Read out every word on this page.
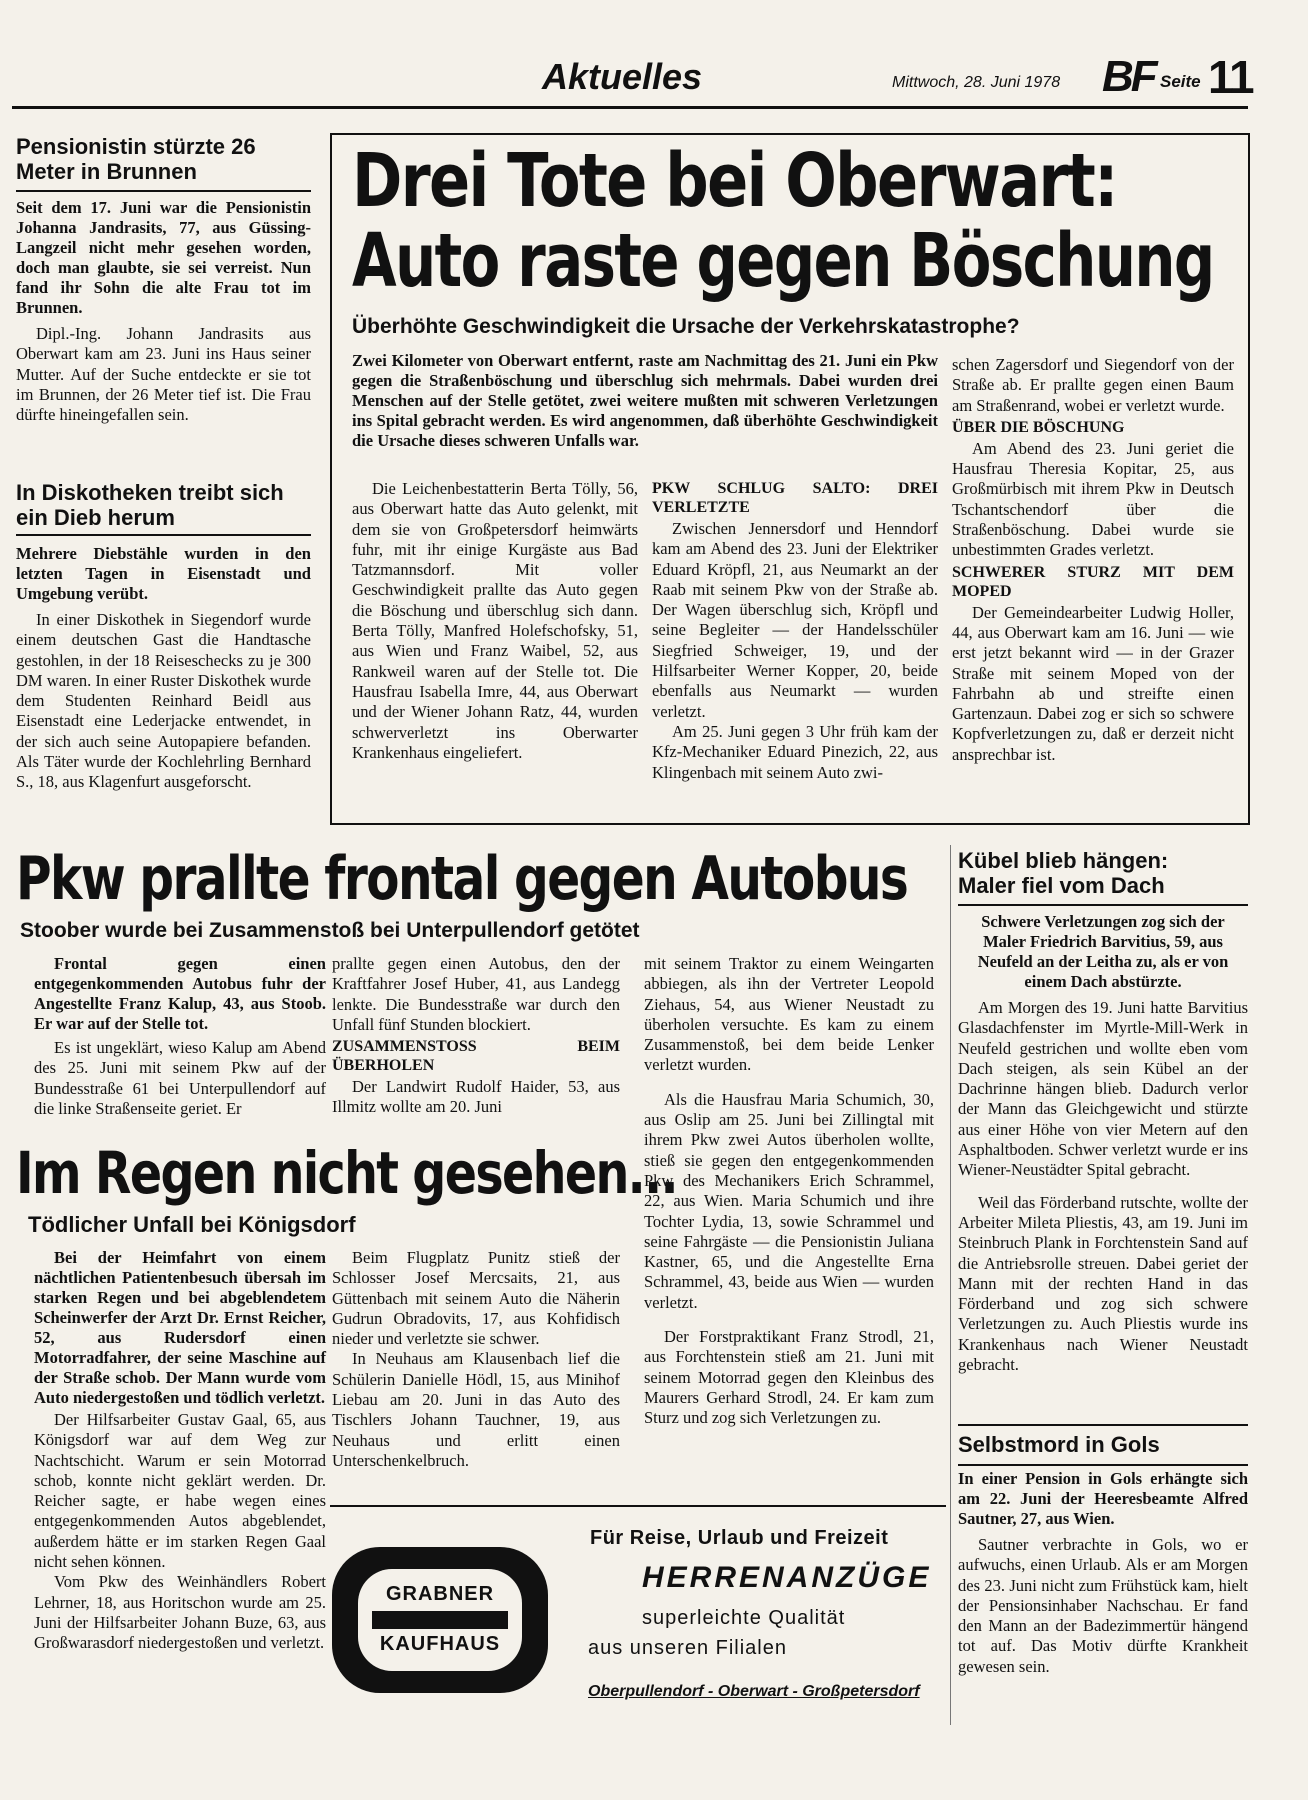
Aktuelles	Mittwoch, 28. Juni 1978 BF Seite 11
Pensionistin stürzte 26 Meter in Brunnen

Seit dem 17. Juni war die Pensionistin Johanna Jandrasits, 77, aus Güssing-Langzeil nicht mehr gesehen worden, doch man glaubte, sie sei verreist. Nun fand ihr Sohn die alte Frau tot im Brunnen.

Dipl.-Ing. Johann Jandrasits aus Oberwart kam am 23. Juni ins Haus seiner Mutter. Auf der Suche entdeckte er sie tot im Brunnen, der 26 Meter tief ist. Die Frau dürfte hineingefallen sein.

In Diskotheken treibt sich ein Dieb herum

Mehrere Diebstähle wurden in den letzten Tagen in Eisenstadt und Umgebung verübt.

In einer Diskothek in Siegendorf wurde einem deutschen Gast die Handtasche gestohlen, in der 18 Reiseschecks zu je 300 DM waren. In einer Ruster Diskothek wurde dem Studenten Reinhard Beidl aus Eisenstadt eine Lederjacke entwendet, in der sich auch seine Autopapiere befanden. Als Täter wurde der Kochlehrling Bernhard S., 18, aus Klagenfurt ausgeforscht.

Drei Tote bei Oberwart:
Auto raste gegen Böschung
Überhöhte Geschwindigkeit die Ursache der Verkehrskatastrophe?

Zwei Kilometer von Oberwart entfernt, raste am Nachmittag des 21. Juni ein Pkw gegen die Straßenböschung und überschlug sich mehrmals. Dabei wurden drei Menschen auf der Stelle getötet, zwei weitere mußten mit schweren Verletzungen ins Spital gebracht werden. Es wird angenommen, daß überhöhte Geschwindigkeit die Ursache dieses schweren Unfalls war.

Die Leichenbestatterin Berta Tölly, 56, aus Oberwart hatte das Auto gelenkt, mit dem sie von Großpetersdorf heimwärts fuhr, mit ihr einige Kurgäste aus Bad Tatzmannsdorf. Mit voller Geschwindigkeit prallte das Auto gegen die Böschung und überschlug sich dann. Berta Tölly, Manfred Holefschofsky, 51, aus Wien und Franz Waibel, 52, aus Rankweil waren auf der Stelle tot. Die Hausfrau Isabella Imre, 44, aus Oberwart und der Wiener Johann Ratz, 44, wurden schwerverletzt ins Oberwarter Krankenhaus eingeliefert.

PKW SCHLUG SALTO: DREI VERLETZTE

Zwischen Jennersdorf und Henndorf kam am Abend des 23. Juni der Elektriker Eduard Kröpfl, 21, aus Neumarkt an der Raab mit seinem Pkw von der Straße ab. Der Wagen überschlug sich, Kröpfl und seine Begleiter — der Handelsschüler Siegfried Schweiger, 19, und der Hilfsarbeiter Werner Kopper, 20, beide ebenfalls aus Neumarkt — wurden verletzt.

Am 25. Juni gegen 3 Uhr früh kam der Kfz-Mechaniker Eduard Pinezich, 22, aus Klingenbach mit seinem Auto zwi-

schen Zagersdorf und Siegendorf von der Straße ab. Er prallte gegen einen Baum am Straßenrand, wobei er verletzt wurde.

ÜBER DIE BÖSCHUNG

Am Abend des 23. Juni geriet die Hausfrau Theresia Kopitar, 25, aus Großmürbisch mit ihrem Pkw in Deutsch Tschantschendorf über die Straßenböschung. Dabei wurde sie unbestimmten Grades verletzt.

SCHWERER STURZ MIT DEM MOPED

Der Gemeindearbeiter Ludwig Holler, 44, aus Oberwart kam am 16. Juni — wie erst jetzt bekannt wird — in der Grazer Straße mit seinem Moped von der Fahrbahn ab und streifte einen Gartenzaun. Dabei zog er sich so schwere Kopfverletzungen zu, daß er derzeit nicht ansprechbar ist.

Pkw prallte frontal gegen Autobus
Stoober wurde bei Zusammenstoß bei Unterpullendorf getötet

Frontal gegen einen entgegenkommenden Autobus fuhr der Angestellte Franz Kalup, 43, aus Stoob. Er war auf der Stelle tot.

Es ist ungeklärt, wieso Kalup am Abend des 25. Juni mit seinem Pkw auf der Bundesstraße 61 bei Unterpullendorf auf die linke Straßenseite geriet. Er

prallte gegen einen Autobus, den der Kraftfahrer Josef Huber, 41, aus Landegg lenkte. Die Bundesstraße war durch den Unfall fünf Stunden blockiert.

ZUSAMMENSTOSS BEIM ÜBERHOLEN

Der Landwirt Rudolf Haider, 53, aus Illmitz wollte am 20. Juni

mit seinem Traktor zu einem Weingarten abbiegen, als ihn der Vertreter Leopold Ziehaus, 54, aus Wiener Neustadt zu überholen versuchte. Es kam zu einem Zusammenstoß, bei dem beide Lenker verletzt wurden.

Als die Hausfrau Maria Schumich, 30, aus Oslip am 25. Juni bei Zillingtal mit ihrem Pkw zwei Autos überholen wollte, stieß sie gegen den entgegenkommenden Pkw des Mechanikers Erich Schrammel, 22, aus Wien. Maria Schumich und ihre Tochter Lydia, 13, sowie Schrammel und seine Fahrgäste — die Pensionistin Juliana Kastner, 65, und die Angestellte Erna Schrammel, 43, beide aus Wien — wurden verletzt.

Der Forstpraktikant Franz Strodl, 21, aus Forchtenstein stieß am 21. Juni mit seinem Motorrad gegen den Kleinbus des Maurers Gerhard Strodl, 24. Er kam zum Sturz und zog sich Verletzungen zu.

Im Regen nicht gesehen...
Tödlicher Unfall bei Königsdorf

Bei der Heimfahrt von einem nächtlichen Patientenbesuch übersah im starken Regen und bei abgeblendetem Scheinwerfer der Arzt Dr. Ernst Reicher, 52, aus Rudersdorf einen Motorradfahrer, der seine Maschine auf der Straße schob. Der Mann wurde vom Auto niedergestoßen und tödlich verletzt.

Der Hilfsarbeiter Gustav Gaal, 65, aus Königsdorf war auf dem Weg zur Nachtschicht. Warum er sein Motorrad schob, konnte nicht geklärt werden. Dr. Reicher sagte, er habe wegen eines entgegenkommenden Autos abgeblendet, außerdem hätte er im starken Regen Gaal nicht sehen können.

Vom Pkw des Weinhändlers Robert Lehrner, 18, aus Horitschon wurde am 25. Juni der Hilfsarbeiter Johann Buze, 63, aus Großwarasdorf niedergestoßen und verletzt.

Beim Flugplatz Punitz stieß der Schlosser Josef Mercsaits, 21, aus Güttenbach mit seinem Auto die Näherin Gudrun Obradovits, 17, aus Kohfidisch nieder und verletzte sie schwer.

In Neuhaus am Klausenbach lief die Schülerin Danielle Hödl, 15, aus Minihof Liebau am 20. Juni in das Auto des Tischlers Johann Tauchner, 19, aus Neuhaus und erlitt einen Unterschenkelbruch.

Kübel blieb hängen: Maler fiel vom Dach

Schwere Verletzungen zog sich der Maler Friedrich Barvitius, 59, aus Neufeld an der Leitha zu, als er von einem Dach abstürzte.

Am Morgen des 19. Juni hatte Barvitius Glasdachfenster im Myrtle-Mill-Werk in Neufeld gestrichen und wollte eben vom Dach steigen, als sein Kübel an der Dachrinne hängen blieb. Dadurch verlor der Mann das Gleichgewicht und stürzte aus einer Höhe von vier Metern auf den Asphaltboden. Schwer verletzt wurde er ins Wiener-Neustädter Spital gebracht.

Weil das Förderband rutschte, wollte der Arbeiter Mileta Pliestis, 43, am 19. Juni im Steinbruch Plank in Forchtenstein Sand auf die Antriebsrolle streuen. Dabei geriet der Mann mit der rechten Hand in das Förderband und zog sich schwere Verletzungen zu. Auch Pliestis wurde ins Krankenhaus nach Wiener Neustadt gebracht.

Selbstmord in Gols

In einer Pension in Gols erhängte sich am 22. Juni der Heeresbeamte Alfred Sautner, 27, aus Wien.

Sautner verbrachte in Gols, wo er aufwuchs, einen Urlaub. Als er am Morgen des 23. Juni nicht zum Frühstück kam, hielt der Pensionsinhaber Nachschau. Er fand den Mann an der Badezimmertür hängend tot auf. Das Motiv dürfte Krankheit gewesen sein.

GRABNER
KAUFHAUS
Für Reise, Urlaub und Freizeit
HERRENANZÜGE
superleichte Qualität
aus unseren Filialen
Oberpullendorf - Oberwart - Großpetersdorf
